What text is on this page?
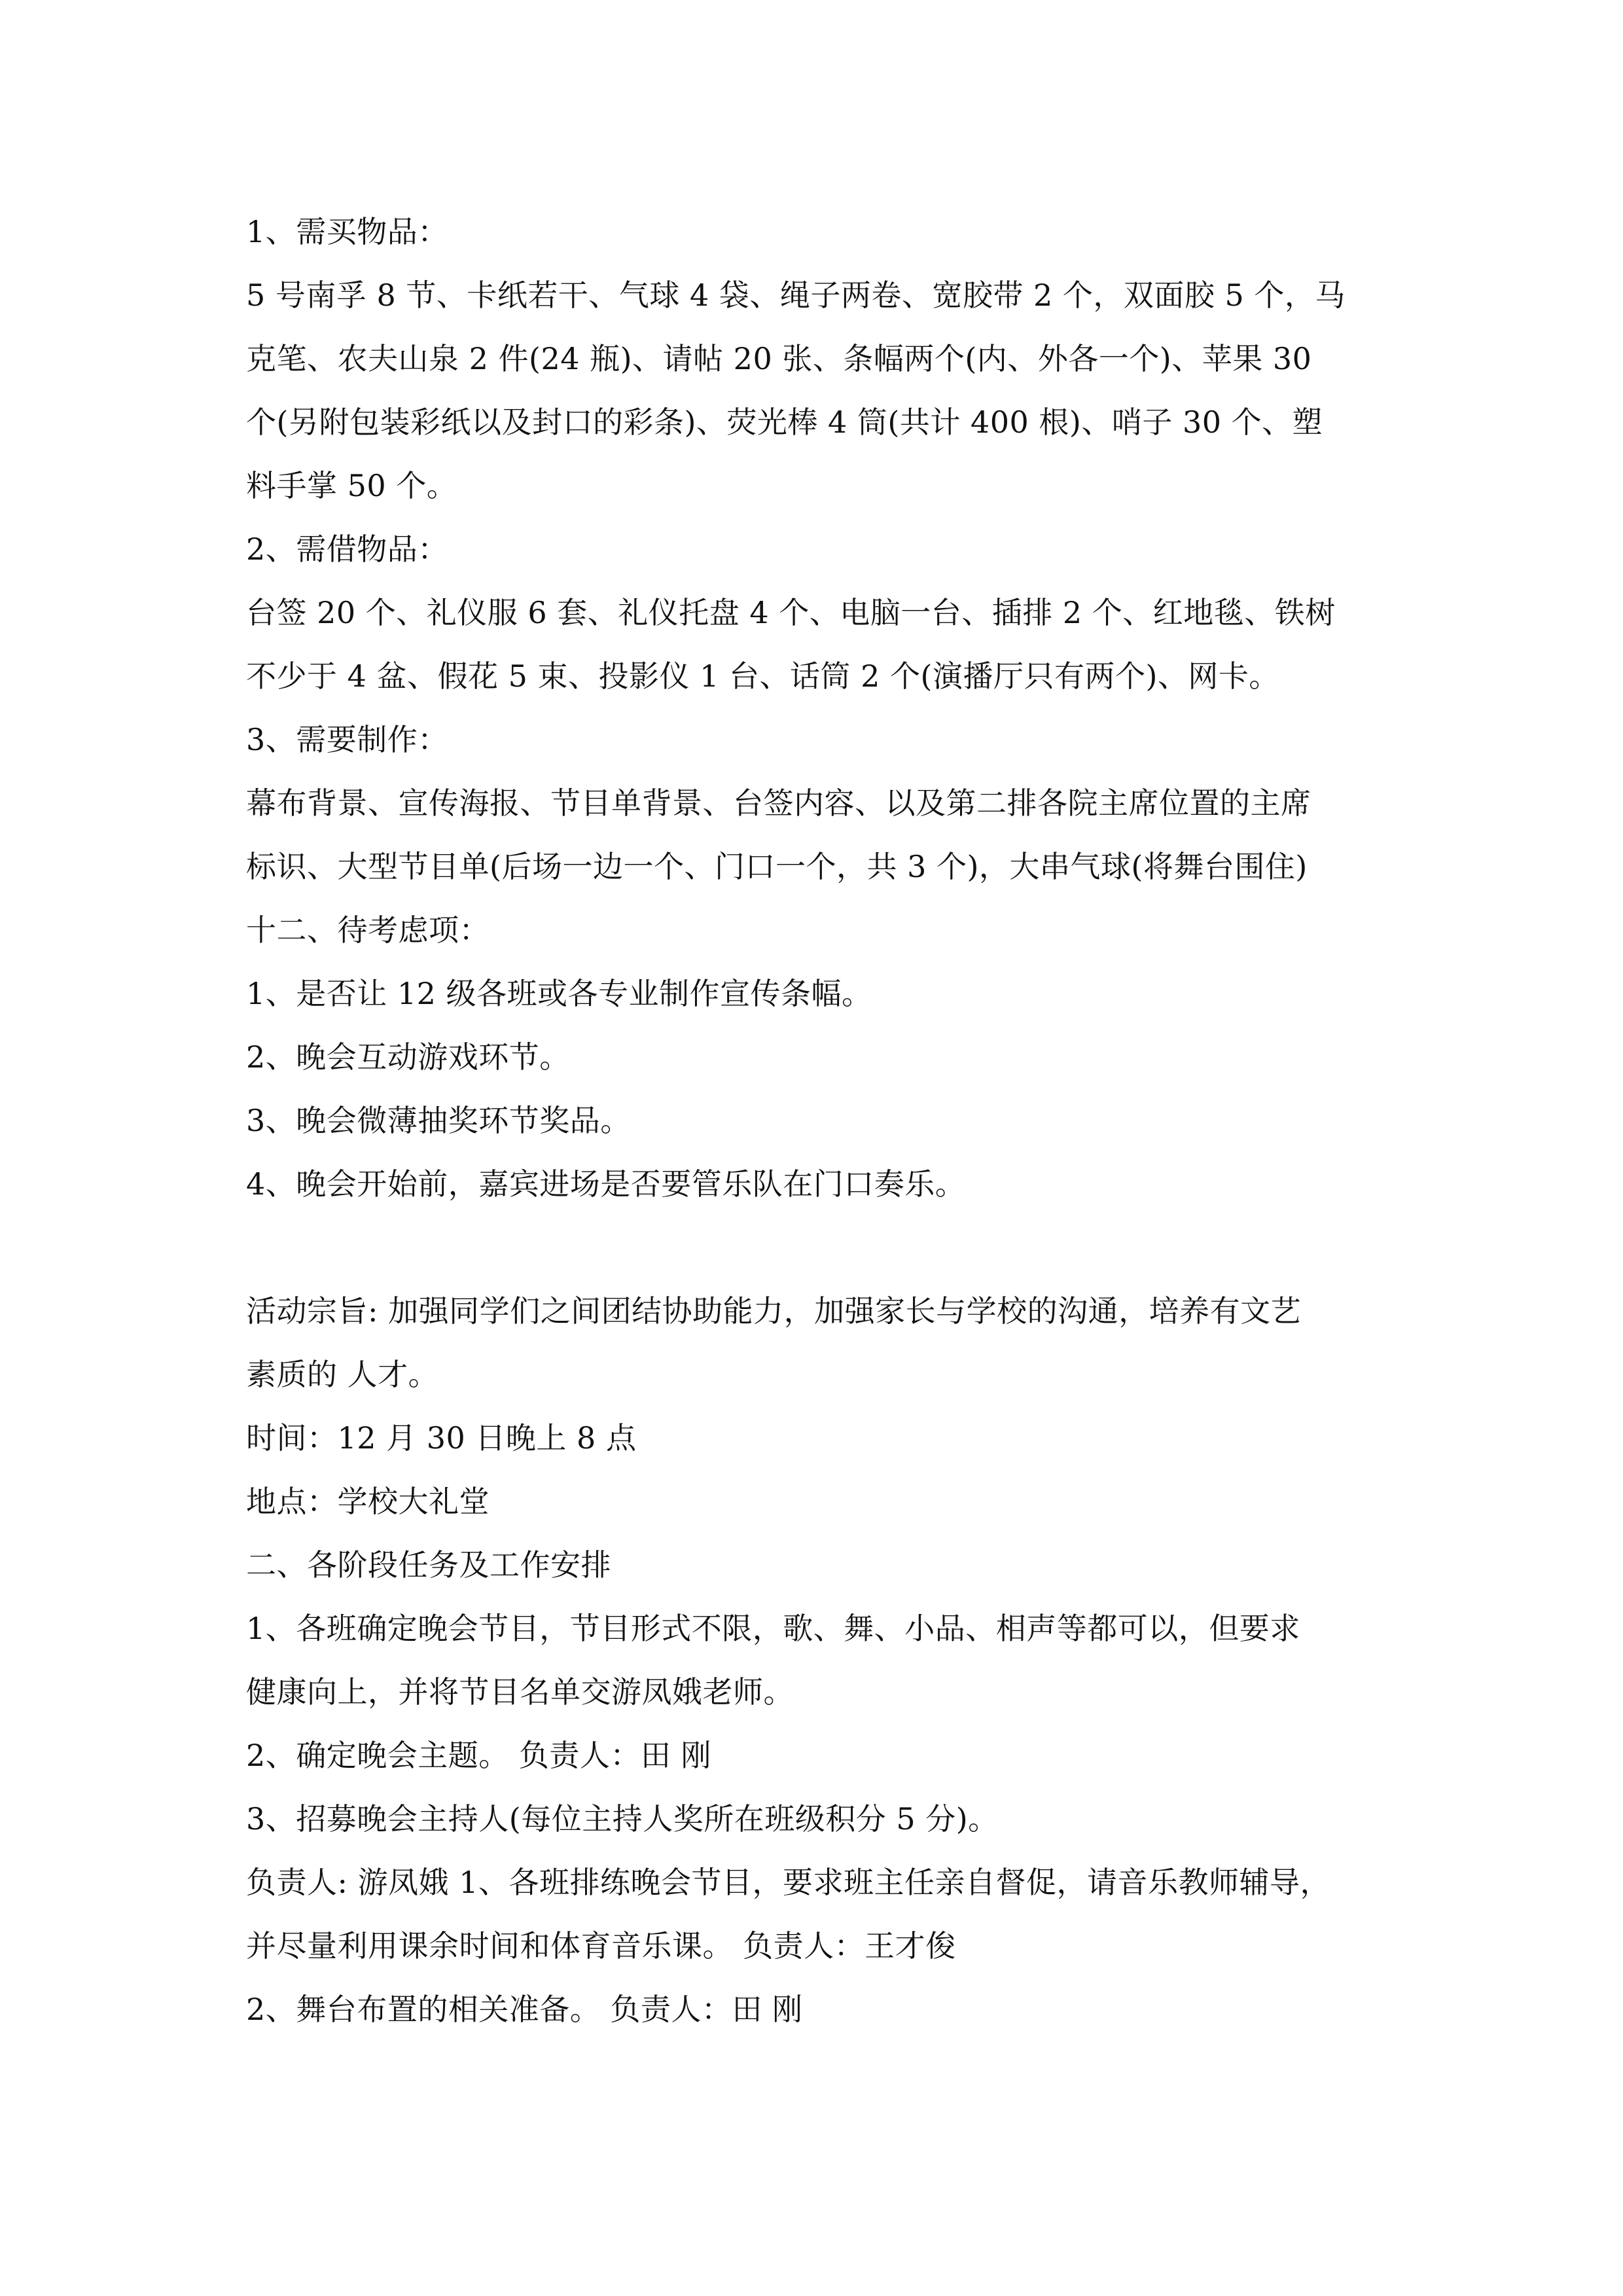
1、需买物品：
5 号南孚 8 节、卡纸若干、气球 4 袋、绳子两卷、宽胶带 2 个，双面胶 5 个，马
克笔、农夫山泉 2 件(24 瓶)、请帖 20 张、条幅两个(内、外各一个)、苹果 30
个(另附包装彩纸以及封口的彩条)、荧光棒 4 筒(共计 400 根)、哨子 30 个、塑
料手掌 50 个。
2、需借物品：
台签 20 个、礼仪服 6 套、礼仪托盘 4 个、电脑一台、插排 2 个、红地毯、铁树
不少于 4 盆、假花 5 束、投影仪 1 台、话筒 2 个(演播厅只有两个)、网卡。
3、需要制作：
幕布背景、宣传海报、节目单背景、台签内容、以及第二排各院主席位置的主席
标识、大型节目单(后场一边一个、门口一个，共 3 个)，大串气球(将舞台围住)
十二、待考虑项：
1、是否让 12 级各班或各专业制作宣传条幅。
2、晚会互动游戏环节。
3、晚会微薄抽奖环节奖品。
4、晚会开始前，嘉宾进场是否要管乐队在门口奏乐。
活动宗旨: 加强同学们之间团结协助能力，加强家长与学校的沟通，培养有文艺
素质的 人才。
时间：12 月 30 日晚上 8 点
地点：学校大礼堂
二、各阶段任务及工作安排
1、各班确定晚会节目，节目形式不限，歌、舞、小品、相声等都可以，但要求
健康向上，并将节目名单交游凤娥老师。
2、确定晚会主题。 负责人：田 刚
3、招募晚会主持人(每位主持人奖所在班级积分 5 分)。
负责人: 游凤娥 1、各班排练晚会节目，要求班主任亲自督促，请音乐教师辅导，
并尽量利用课余时间和体育音乐课。 负责人：王才俊
2、舞台布置的相关准备。 负责人：田 刚
